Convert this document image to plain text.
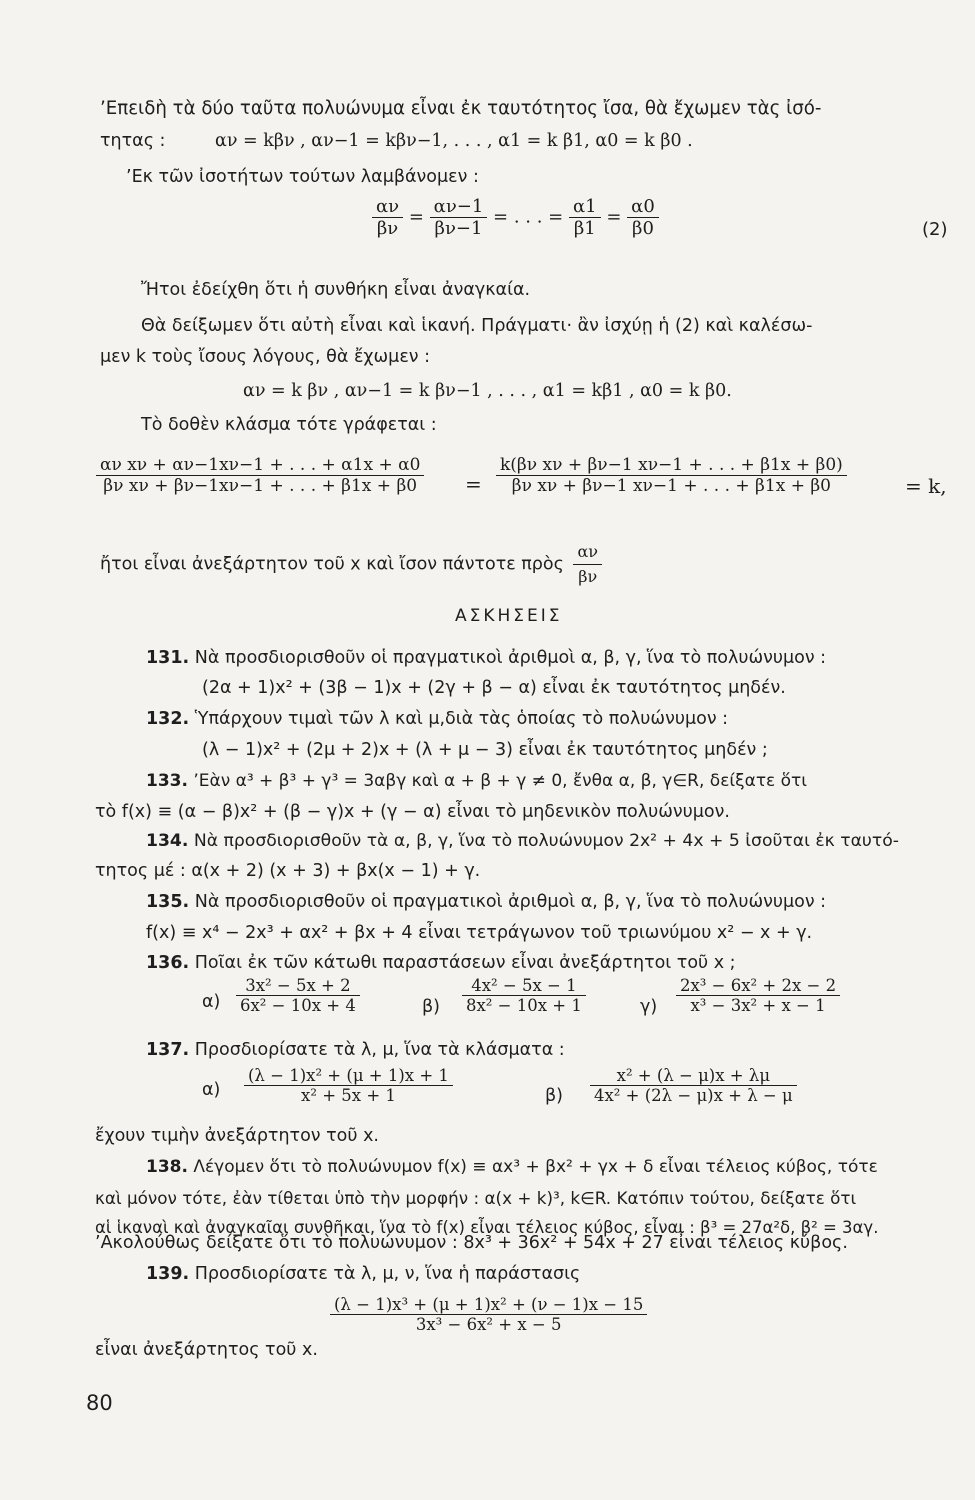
’Επειδὴ τὰ δύο ταῦτα πολυώνυμα εἶναι ἐκ ταυτότητος ἴσα, θὰ ἔχωμεν τὰς ἰσό-
τητας :	αν = kβν , αν−1 = kβν−1, . . . , α1 = k β1, α0 = k β0 .
’Εκ τῶν ἰσοτήτων τούτων λαμβάνομεν :
$\frac{\alpha\nu}{\beta\nu} = \frac{\alpha\nu-1}{\beta\nu-1}$ = . . . = $\frac{\alpha 1}{\beta 1} = \frac{\alpha 0}{\beta 0}$	(2)
Ἤτοι ἐδείχθη ὅτι ἡ συνθήκη εἶναι ἀναγκαία.
Θὰ δείξωμεν ὅτι αὐτὴ εἶναι καὶ ἱκανή. Πράγματι· ἂν ἰσχύῃ ἡ (2) καὶ καλέσω-
μεν k τοὺς ἴσους λόγους, θὰ ἔχωμεν :
αν = k βν , αν−1 = k βν−1 , . . . , α1 = kβ1 , α0 = k β0.
Τὸ δοθὲν κλάσμα τότε γράφεται :
$\frac{\text{αν xν + αν−1xν−1 + . . . + α1x + α0}}{\text{βν xν + βν−1xν−1 + . . . + β1x + β0}} = \frac{\text{k(βν xν + βν−1 xν−1 + . . . + β1x + β0)}}{\text{βν xν + βν−1 xν−1 + . . . + β1x + β0}}$	= k,
ἤτοι εἶναι ἀνεξάρτητον τοῦ x καὶ ἴσον πάντοτε πρὸς $\frac{\alpha\nu}{\beta\nu}$
ΑΣΚΗΣΕΙΣ
131. Νὰ προσδιορισθοῦν οἱ πραγματικοὶ ἀριθμοὶ α, β, γ, ἵνα τὸ πολυώνυμον :
(2α + 1)x² + (3β − 1)x + (2γ + β − α) εἶναι ἐκ ταυτότητος μηδέν.
132. Ὑπάρχουν τιμαὶ τῶν λ καὶ μ,διὰ τὰς ὁποίας τὸ πολυώνυμον :
(λ − 1)x² + (2μ + 2)x + (λ + μ − 3) εἶναι ἐκ ταυτότητος μηδέν ;
133. ’Εὰν α³ + β³ + γ³ = 3αβγ καὶ α + β + γ ≠ 0, ἔνθα α, β, γ∈R, δείξατε ὅτι
τὸ f(x) ≡ (α − β)x² + (β − γ)x + (γ − α) εἶναι τὸ μηδενικὸν πολυώνυμον.
134. Νὰ προσδιορισθοῦν τὰ α, β, γ, ἵνα τὸ πολυώνυμον 2x² + 4x + 5 ἰσοῦται ἐκ ταυτό-
τητος μέ : α(x + 2) (x + 3) + βx(x − 1) + γ.
135. Νὰ προσδιορισθοῦν οἱ πραγματικοὶ ἀριθμοὶ α, β, γ, ἵνα τὸ πολυώνυμον :
f(x) ≡ x⁴ − 2x³ + αx² + βx + 4 εἶναι τετράγωνον τοῦ τριωνύμου x² − x + γ.
136. Ποῖαι ἐκ τῶν κάτωθι παραστάσεων εἶναι ἀνεξάρτητοι τοῦ x ;
$\alpha) \frac{\text{3x² − 5x + 2}}{\text{6x² − 10x + 4}}$	$\beta) \frac{\text{4x² − 5x − 1}}{\text{8x² − 10x + 1}}$	$\gamma) \frac{\text{2x³ − 6x² + 2x − 2}}{\text{x³ − 3x² + x − 1}}$
137. Προσδιορίσατε τὰ λ, μ, ἵνα τὰ κλάσματα :
$\alpha) \frac{\text{(λ − 1)x² + (μ + 1)x + 1}}{\text{x² + 5x + 1}}$	$\beta) \frac{\text{x² + (λ − μ)x + λμ}}{\text{4x² + (2λ − μ)x + λ − μ}}$
ἔχουν τιμὴν ἀνεξάρτητον τοῦ x.
138. Λέγομεν ὅτι τὸ πολυώνυμον f(x) ≡ αx³ + βx² + γx + δ εἶναι τέλειος κύβος, τότε
καὶ μόνον τότε, ἐὰν τίθεται ὑπὸ τὴν μορφήν : α(x + k)³, k∈R. Κατόπιν τούτου, δείξατε ὅτι
αἱ ἱκαναὶ καὶ ἀναγκαῖαι συνθῆκαι, ἵνα τὸ f(x) εἶναι τέλειος κύβος, εἶναι : β³ = 27α²δ, β² = 3αγ.
’Ακολούθως δείξατε ὅτι τὸ πολυώνυμον : 8x³ + 36x² + 54x + 27 εἶναι τέλειος κύβος.
139. Προσδιορίσατε τὰ λ, μ, ν, ἵνα ἡ παράστασις
$\frac{\text{(λ − 1)x³ + (μ + 1)x² + (ν − 1)x − 15}}{\text{3x³ − 6x² + x − 5}}$
εἶναι ἀνεξάρτητος τοῦ x.
80
